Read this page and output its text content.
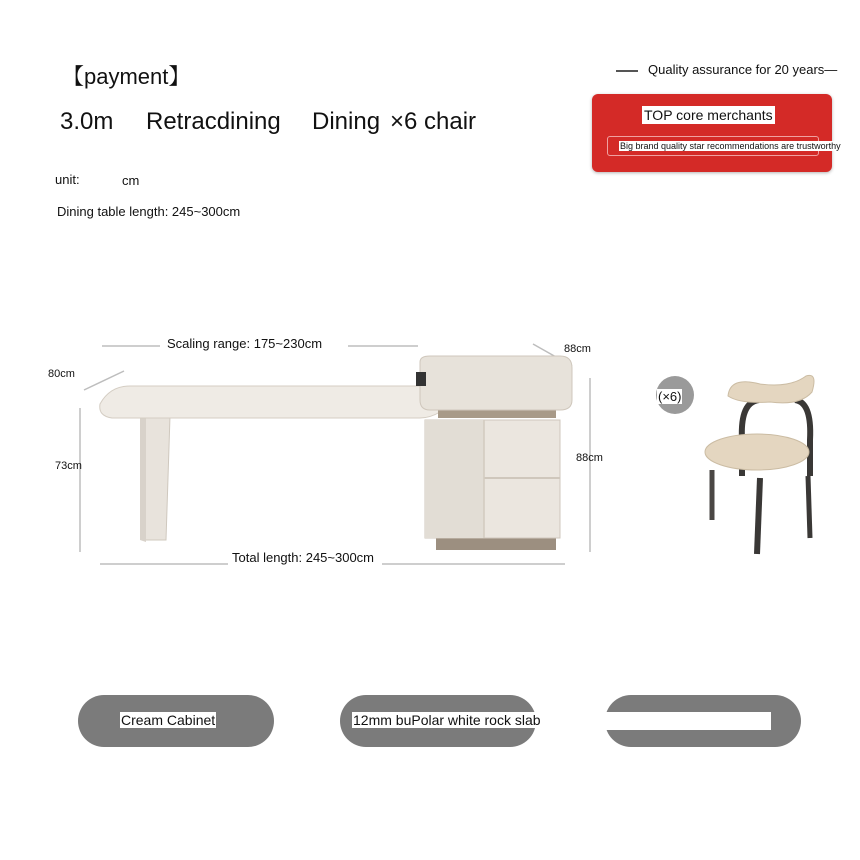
【payment】
3.0m Retracdining Dining ×6 chair
unit:	cm
Dining table length: 245~300cm
Quality assurance for 20 years—
TOP core merchants
Big brand quality star recommendations are trustworthy
Scaling range: 175~230cm
80cm
73cm
88cm
88cm
Total length: 245~300cm
(×6)
Cream Cabinet	12mm buPolar white rock slab
